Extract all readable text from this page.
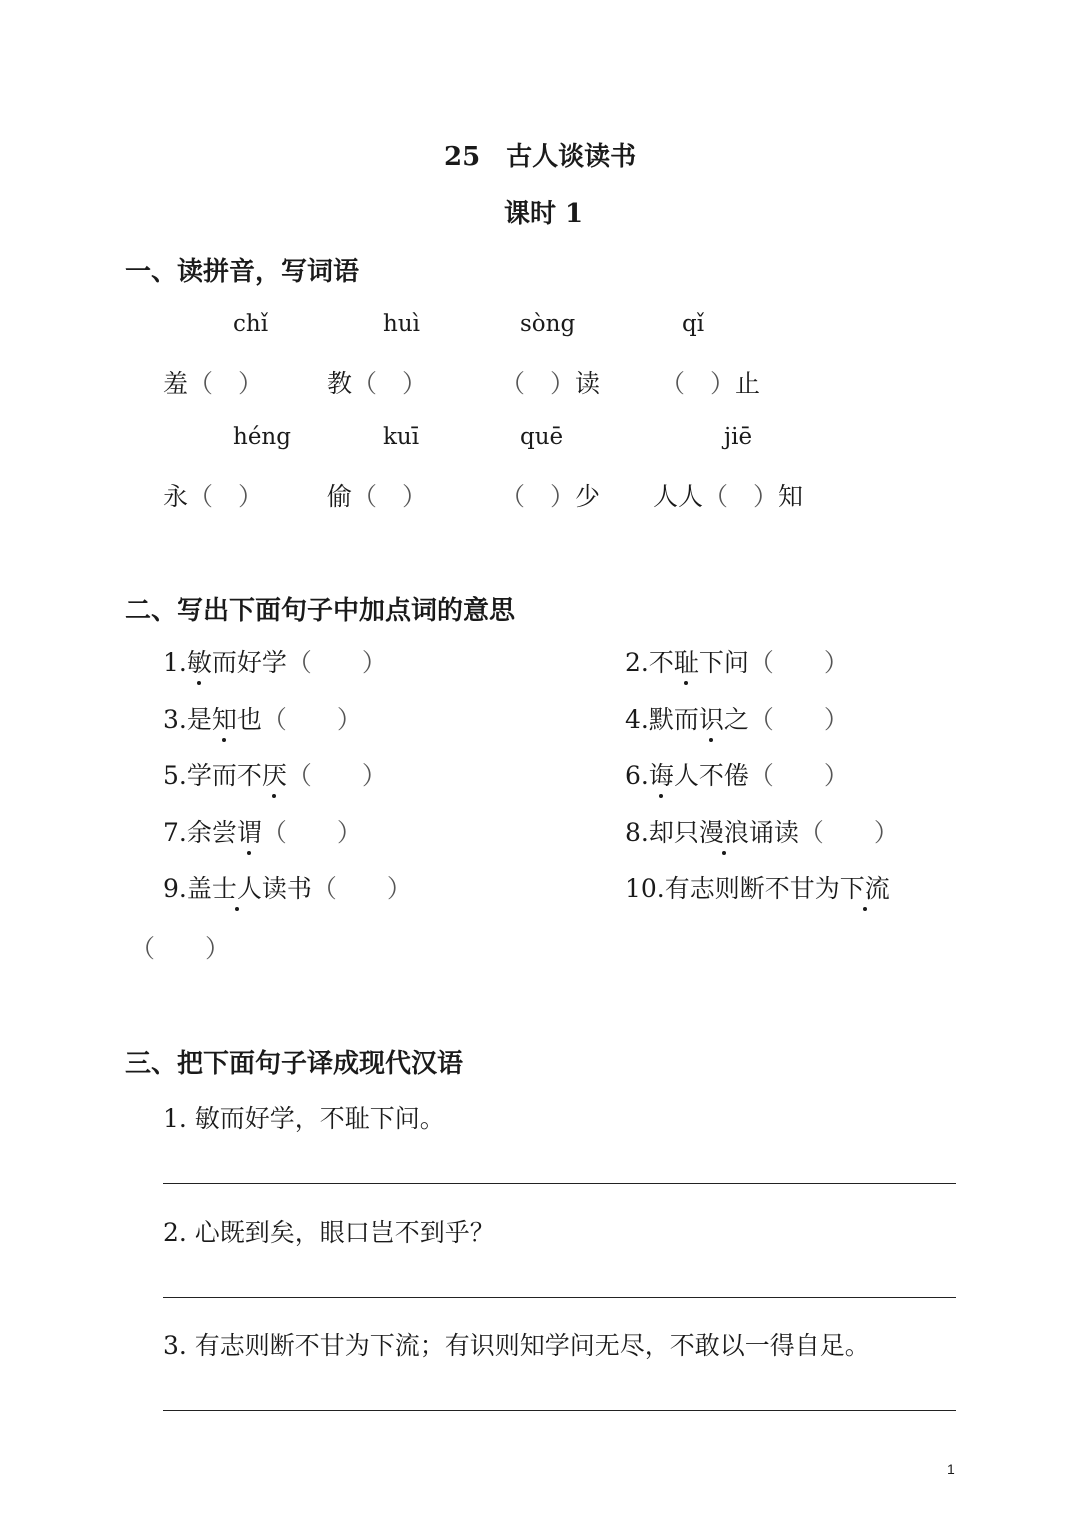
25　古人谈读书
课时 1
一、读拼音，写词语
chǐ	huì	sòng	qǐ
羞（　）	教（　）	（　）读 （　）止
héng	kuī	quē	jiē
永（　）	偷（　）	（　）少 人人（　）知
二、写出下面句子中加点词的意思
1.敏而好学（　　）	2.不耻下问（　　）
3.是知也（　　）	4.默而识之（　　）
5.学而不厌（　　）	6.诲人不倦（　　）
7.余尝谓（　　）	8.却只漫浪诵读（　　）
9.盖士人读书（　　）	10.有志则断不甘为下流
（　　）
三、把下面句子译成现代汉语
1. 敏而好学，不耻下问。
2. 心既到矣，眼口岂不到乎？
3. 有志则断不甘为下流；有识则知学问无尽，不敢以一得自足。
1
